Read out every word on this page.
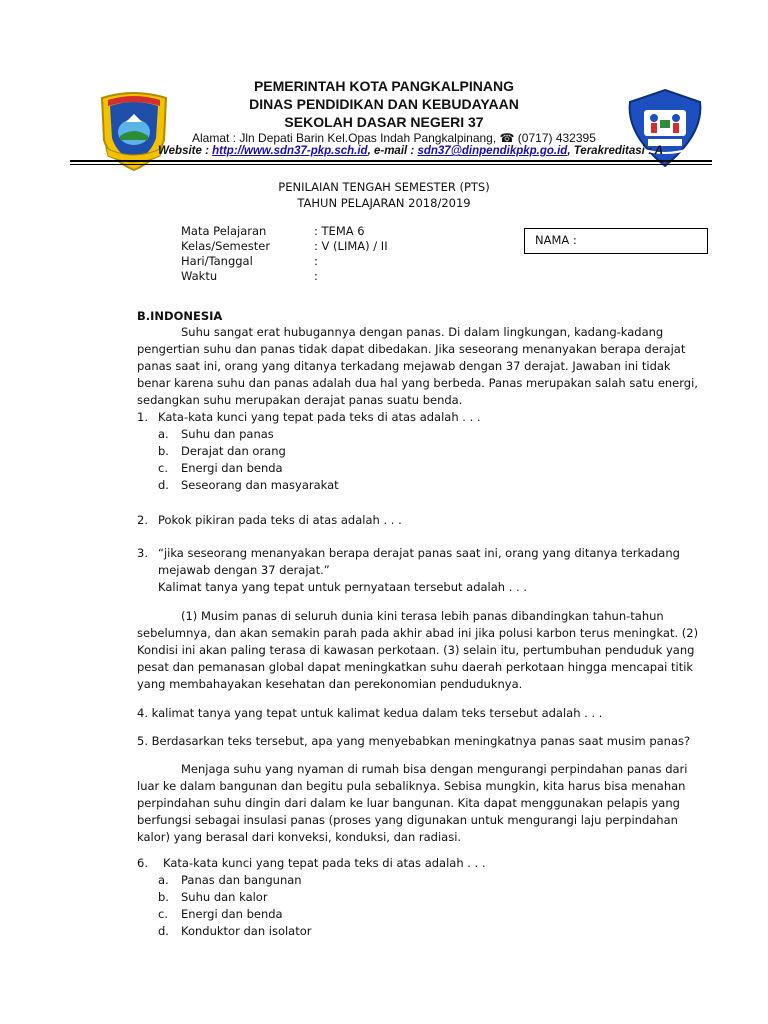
PEMERINTAH KOTA PANGKALPINANG
DINAS PENDIDIKAN DAN KEBUDAYAAN
SEKOLAH DASAR NEGERI 37
Alamat : Jln Depati Barin Kel.Opas Indah Pangkalpinang, ☎ (0717) 432395
Website : http://www.sdn37-pkp.sch.id, e-mail : sdn37@dinpendikpkp.go.id, Terakreditasi : A
PENILAIAN TENGAH SEMESTER (PTS)
TAHUN PELAJARAN 2018/2019
Mata Pelajaran	: TEMA 6
Kelas/Semester	: V (LIMA) / II
Hari/Tanggal	:
Waktu	:
NAMA :
B.INDONESIA
Suhu sangat erat hubugannya dengan panas. Di dalam lingkungan, kadang-kadang
pengertian suhu dan panas tidak dapat dibedakan. Jika seseorang menanyakan berapa derajat
panas saat ini, orang yang ditanya terkadang mejawab dengan 37 derajat. Jawaban ini tidak
benar karena suhu dan panas adalah dua hal yang berbeda. Panas merupakan salah satu energi,
sedangkan suhu merupakan derajat panas suatu benda.
1. Kata-kata kunci yang tepat pada teks di atas adalah . . .
a. Suhu dan panas
b. Derajat dan orang
c. Energi dan benda
d. Seseorang dan masyarakat
2. Pokok pikiran pada teks di atas adalah . . .
3. “jika seseorang menanyakan berapa derajat panas saat ini, orang yang ditanya terkadang
mejawab dengan 37 derajat.”
Kalimat tanya yang tepat untuk pernyataan tersebut adalah . . .
(1) Musim panas di seluruh dunia kini terasa lebih panas dibandingkan tahun-tahun
sebelumnya, dan akan semakin parah pada akhir abad ini jika polusi karbon terus meningkat. (2)
Kondisi ini akan paling terasa di kawasan perkotaan. (3) selain itu, pertumbuhan penduduk yang
pesat dan pemanasan global dapat meningkatkan suhu daerah perkotaan hingga mencapai titik
yang membahayakan kesehatan dan perekonomian penduduknya.
4. kalimat tanya yang tepat untuk kalimat kedua dalam teks tersebut adalah . . .
5. Berdasarkan teks tersebut, apa yang menyebabkan meningkatnya panas saat musim panas?
Menjaga suhu yang nyaman di rumah bisa dengan mengurangi perpindahan panas dari
luar ke dalam bangunan dan begitu pula sebaliknya. Sebisa mungkin, kita harus bisa menahan
perpindahan suhu dingin dari dalam ke luar bangunan. Kita dapat menggunakan pelapis yang
berfungsi sebagai insulasi panas (proses yang digunakan untuk mengurangi laju perpindahan
kalor) yang berasal dari konveksi, konduksi, dan radiasi.
6. Kata-kata kunci yang tepat pada teks di atas adalah . . .
a. Panas dan bangunan
b. Suhu dan kalor
c. Energi dan benda
d. Konduktor dan isolator
